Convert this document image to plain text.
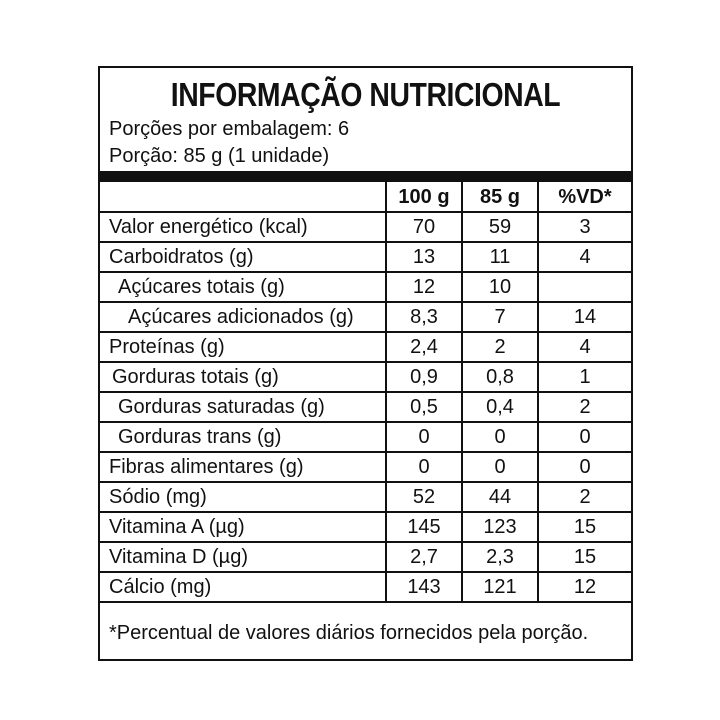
INFORMAÇÃO NUTRICIONAL
Porções por embalagem: 6
Porção: 85 g (1 unidade)
	100 g	85 g	%VD*
Valor energético (kcal)	70	59	3
Carboidratos (g)	13	11	4
Açúcares totais (g)	12	10	
Açúcares adicionados (g)	8,3	7	14
Proteínas (g)	2,4	2	4
Gorduras totais (g)	0,9	0,8	1
Gorduras saturadas (g)	0,5	0,4	2
Gorduras trans (g)	0	0	0
Fibras alimentares (g)	0	0	0
Sódio (mg)	52	44	2
Vitamina A (µg)	145	123	15
Vitamina D (µg)	2,7	2,3	15
Cálcio (mg)	143	121	12
*Percentual de valores diários fornecidos pela porção.
